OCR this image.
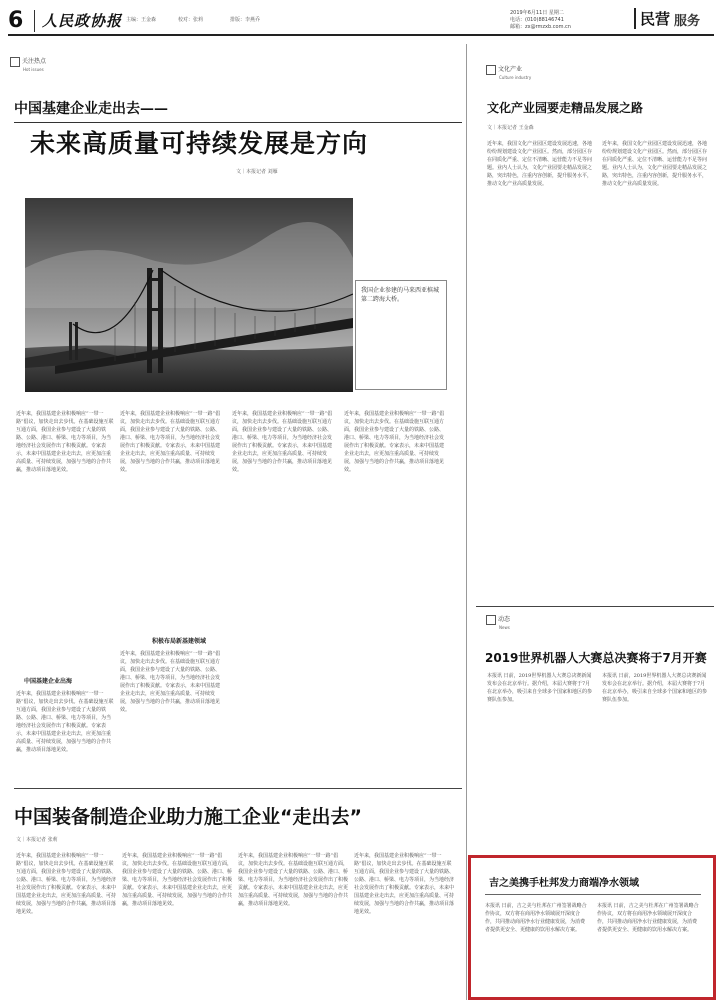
6 人民政协报 主编：王金森	校对：张莉	排版：李燕乔
2019年6月11日 星期二
电话：(010)88146741
邮箱：zx@rmzxb.com.cn	民营 服务
关注热点
Hot issues
中国基建企业走出去——
未来高质量可持续发展是方向
文｜本报记者 刘雁
我国企业参建的马来西亚槟城第二跨海大桥。
近年来，我国基建企业积极响应“一带一路”倡议，加快走出去步伐。在基础设施互联互通方面，我国企业参与建设了大量的铁路、公路、港口、桥梁、电力等项目，为当地经济社会发展作出了积极贡献。专家表示，未来中国基建企业走出去，应更加注重高质量、可持续发展，加强与当地的合作共赢，推动项目落地见效。
中国基建企业出海
近年来，我国基建企业积极响应“一带一路”倡议，加快走出去步伐。在基础设施互联互通方面，我国企业参与建设了大量的铁路、公路、港口、桥梁、电力等项目，为当地经济社会发展作出了积极贡献。专家表示，未来中国基建企业走出去，应更加注重高质量、可持续发展，加强与当地的合作共赢，推动项目落地见效。
近年来，我国基建企业积极响应“一带一路”倡议，加快走出去步伐。在基础设施互联互通方面，我国企业参与建设了大量的铁路、公路、港口、桥梁、电力等项目，为当地经济社会发展作出了积极贡献。专家表示，未来中国基建企业走出去，应更加注重高质量、可持续发展，加强与当地的合作共赢，推动项目落地见效。
积极布局新基建领域
近年来，我国基建企业积极响应“一带一路”倡议，加快走出去步伐。在基础设施互联互通方面，我国企业参与建设了大量的铁路、公路、港口、桥梁、电力等项目，为当地经济社会发展作出了积极贡献。专家表示，未来中国基建企业走出去，应更加注重高质量、可持续发展，加强与当地的合作共赢，推动项目落地见效。
近年来，我国基建企业积极响应“一带一路”倡议，加快走出去步伐。在基础设施互联互通方面，我国企业参与建设了大量的铁路、公路、港口、桥梁、电力等项目，为当地经济社会发展作出了积极贡献。专家表示，未来中国基建企业走出去，应更加注重高质量、可持续发展，加强与当地的合作共赢，推动项目落地见效。
近年来，我国基建企业积极响应“一带一路”倡议，加快走出去步伐。在基础设施互联互通方面，我国企业参与建设了大量的铁路、公路、港口、桥梁、电力等项目，为当地经济社会发展作出了积极贡献。专家表示，未来中国基建企业走出去，应更加注重高质量、可持续发展，加强与当地的合作共赢，推动项目落地见效。
中国装备制造企业助力施工企业“走出去”
文｜本报记者 张莉
近年来，我国基建企业积极响应“一带一路”倡议，加快走出去步伐。在基础设施互联互通方面，我国企业参与建设了大量的铁路、公路、港口、桥梁、电力等项目，为当地经济社会发展作出了积极贡献。专家表示，未来中国基建企业走出去，应更加注重高质量、可持续发展，加强与当地的合作共赢，推动项目落地见效。
近年来，我国基建企业积极响应“一带一路”倡议，加快走出去步伐。在基础设施互联互通方面，我国企业参与建设了大量的铁路、公路、港口、桥梁、电力等项目，为当地经济社会发展作出了积极贡献。专家表示，未来中国基建企业走出去，应更加注重高质量、可持续发展，加强与当地的合作共赢，推动项目落地见效。
近年来，我国基建企业积极响应“一带一路”倡议，加快走出去步伐。在基础设施互联互通方面，我国企业参与建设了大量的铁路、公路、港口、桥梁、电力等项目，为当地经济社会发展作出了积极贡献。专家表示，未来中国基建企业走出去，应更加注重高质量、可持续发展，加强与当地的合作共赢，推动项目落地见效。
近年来，我国基建企业积极响应“一带一路”倡议，加快走出去步伐。在基础设施互联互通方面，我国企业参与建设了大量的铁路、公路、港口、桥梁、电力等项目，为当地经济社会发展作出了积极贡献。专家表示，未来中国基建企业走出去，应更加注重高质量、可持续发展，加强与当地的合作共赢，推动项目落地见效。
文化产业
Culture industry
文化产业园要走精品发展之路
文｜本报记者 王金森
近年来，我国文化产业园区建设发展迅速，各地纷纷规划建设文化产业园区。然而，部分园区存在同质化严重、定位不清晰、运营能力不足等问题。业内人士认为，文化产业园要走精品发展之路，突出特色，注重内容创新，提升服务水平，推动文化产业高质量发展。
近年来，我国文化产业园区建设发展迅速，各地纷纷规划建设文化产业园区。然而，部分园区存在同质化严重、定位不清晰、运营能力不足等问题。业内人士认为，文化产业园要走精品发展之路，突出特色，注重内容创新，提升服务水平，推动文化产业高质量发展。
动态
News
2019世界机器人大赛总决赛将于7月开赛
本报讯 日前，2019世界机器人大赛总决赛新闻发布会在北京举行。据介绍，本届大赛将于7月在北京举办，吸引来自全球多个国家和地区的参赛队伍参加。
本报讯 日前，2019世界机器人大赛总决赛新闻发布会在北京举行。据介绍，本届大赛将于7月在北京举办，吸引来自全球多个国家和地区的参赛队伍参加。
吉之美携手杜邦发力商端净水领域
本报讯 日前，吉之美与杜邦在广州签署战略合作协议，双方将在商用净水领域展开深度合作，共同推动商用净水行业健康发展，为消费者提供更安全、更健康的饮用水解决方案。
本报讯 日前，吉之美与杜邦在广州签署战略合作协议，双方将在商用净水领域展开深度合作，共同推动商用净水行业健康发展，为消费者提供更安全、更健康的饮用水解决方案。
